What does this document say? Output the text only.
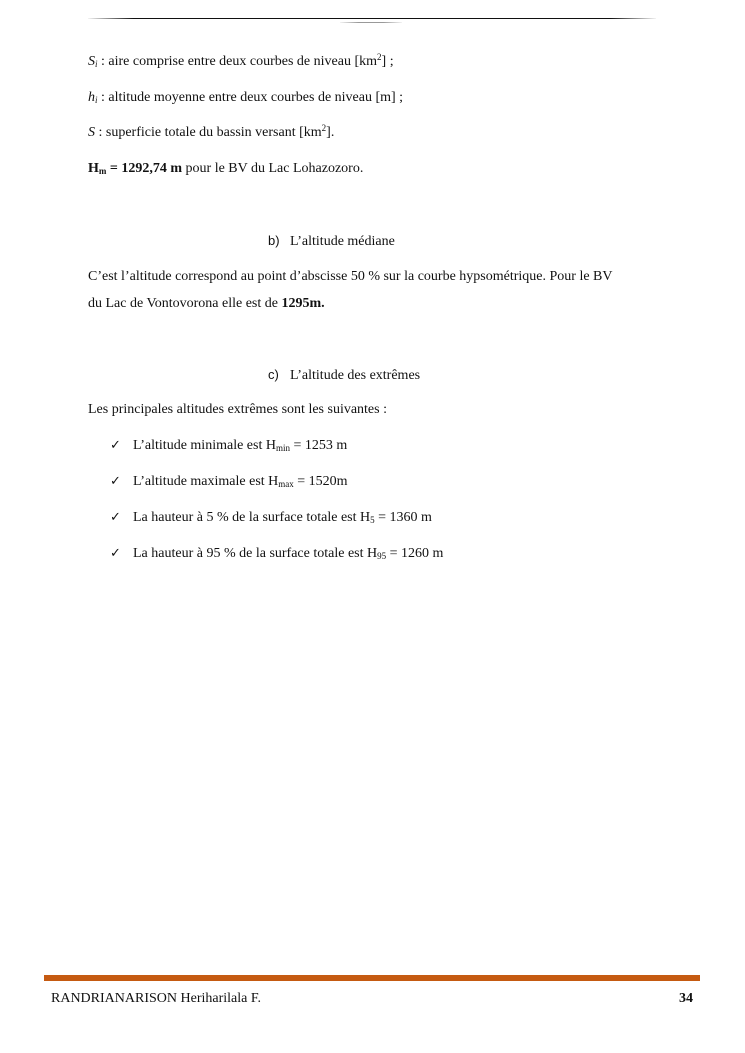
$S_i$ : aire comprise entre deux courbes de niveau $[km^2]$ ;
$h_i$ : altitude moyenne entre deux courbes de niveau [m] ;
S : superficie totale du bassin versant $[km^2]$.
$H_m = 1292,74$ m pour le BV du Lac Lohazozoro.
b) L’altitude médiane
C’est l’altitude correspond au point d’abscisse 50 % sur la courbe hypsométrique. Pour le BV
du Lac de Vontovorona elle est de 1295m.
c) L’altitude des extrêmes
Les principales altitudes extrêmes sont les suivantes :
✓ L’altitude minimale est $H_{min} = 1253$ m
✓ L’altitude maximale est $H_{max} = 1520m$
✓ La hauteur à 5 % de la surface totale est $H_5 = 1360$ m
✓ La hauteur à 95 % de la surface totale est $H_{95} = 1260$ m
RANDRIANARISON Heriharilala F.	34
